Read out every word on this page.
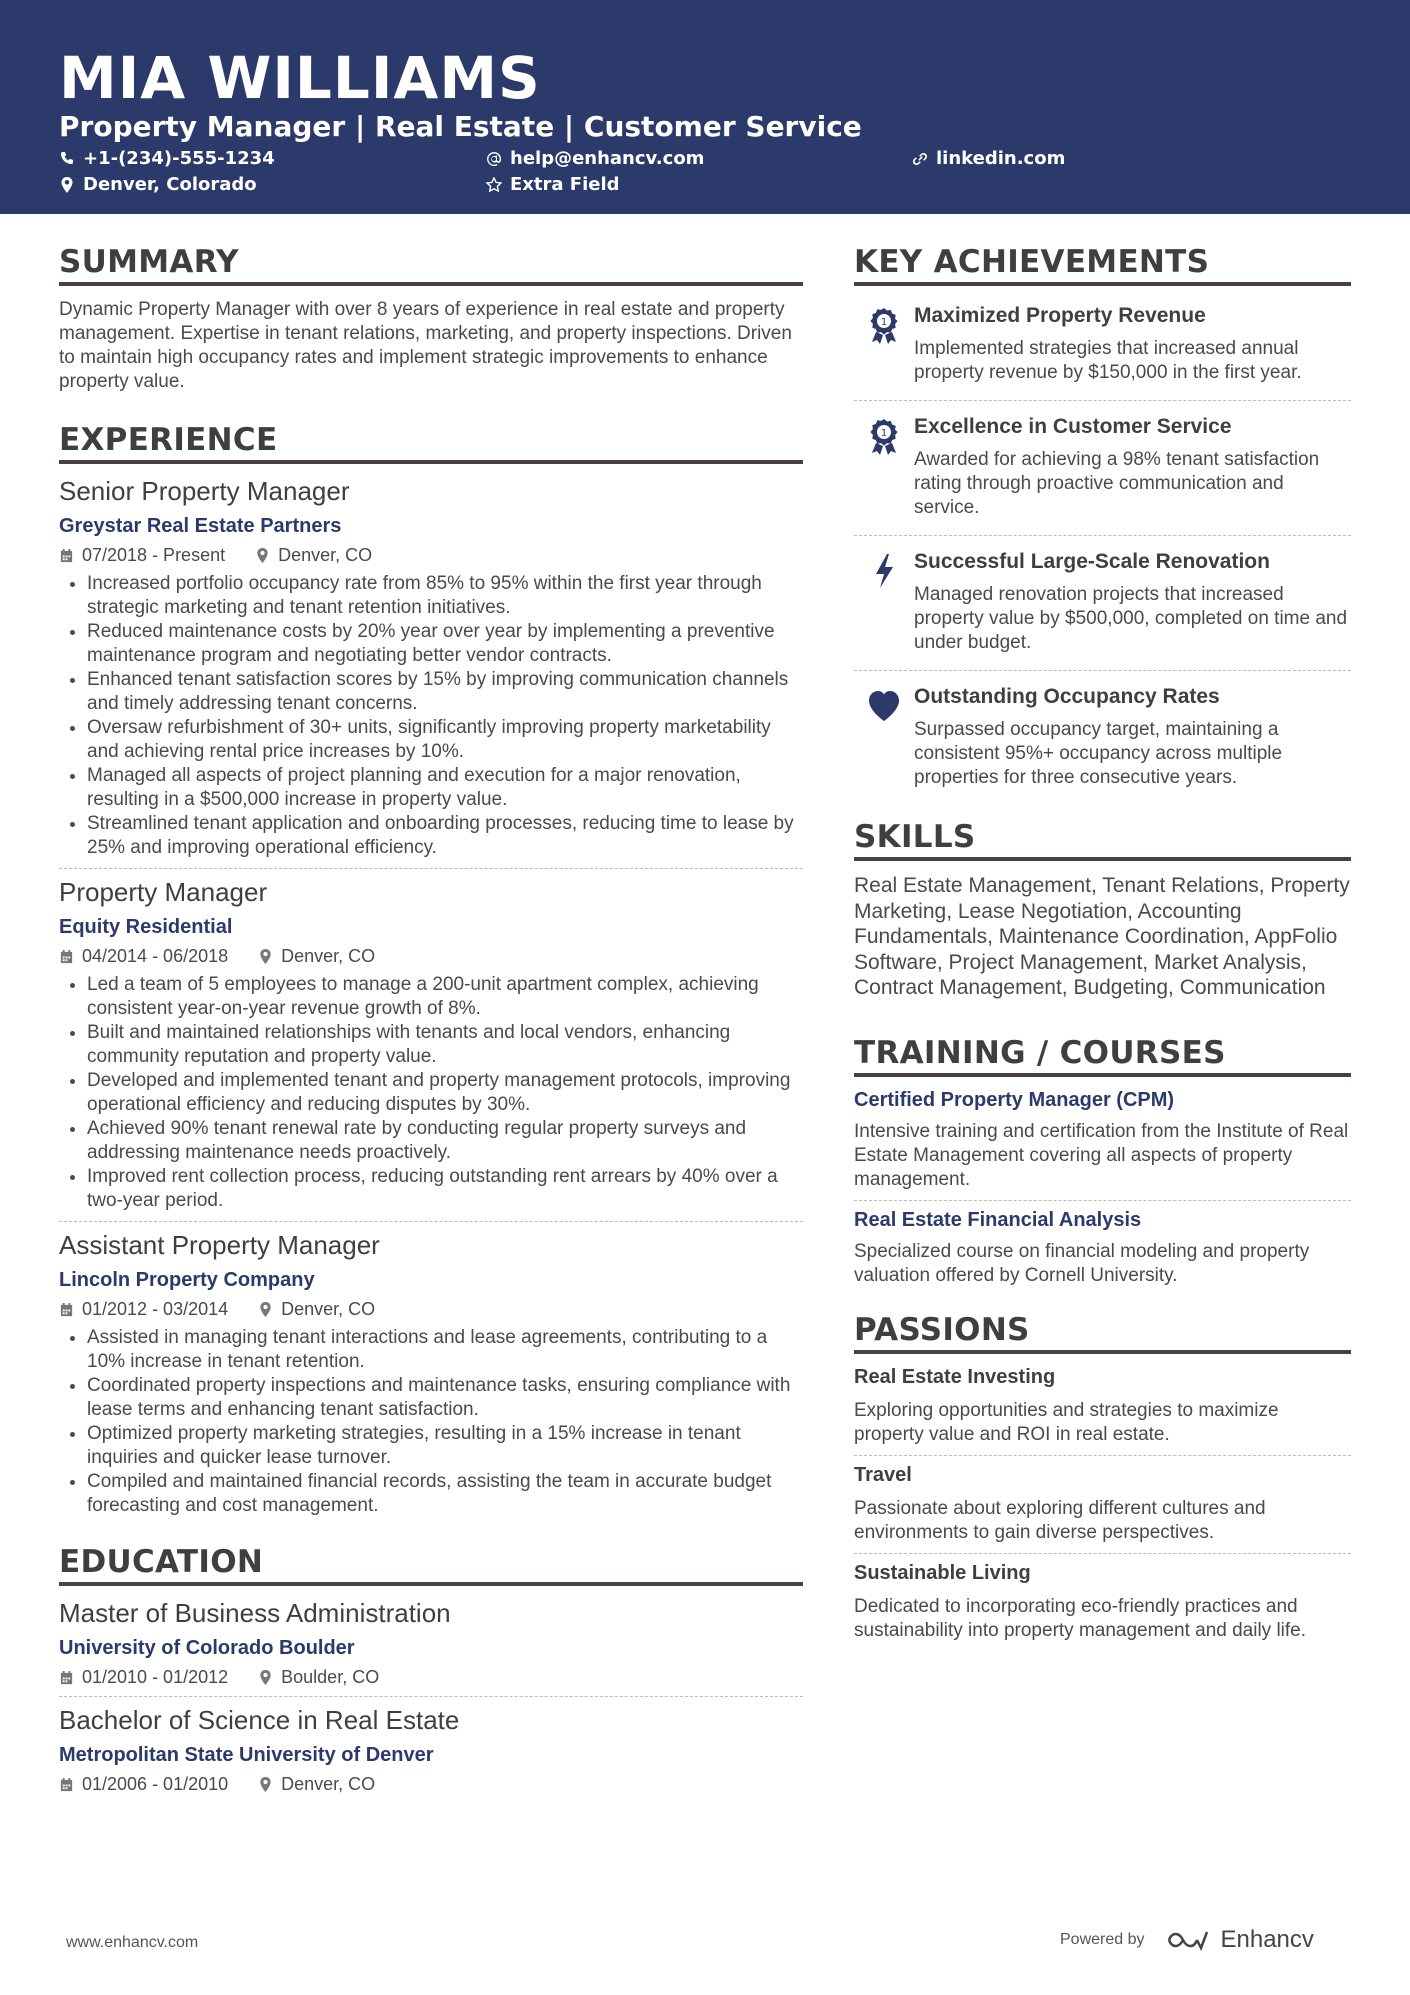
MIA WILLIAMS
Property Manager | Real Estate | Customer Service
+1-(234)-555-1234	help@enhancv.com	linkedin.com
Denver, Colorado	Extra Field
SUMMARY
Dynamic Property Manager with over 8 years of experience in real estate and property management. Expertise in tenant relations, marketing, and property inspections. Driven to maintain high occupancy rates and implement strategic improvements to enhance property value.
EXPERIENCE
Senior Property Manager
Greystar Real Estate Partners
07/2018 - Present	Denver, CO
• Increased portfolio occupancy rate from 85% to 95% within the first year through strategic marketing and tenant retention initiatives.
• Reduced maintenance costs by 20% year over year by implementing a preventive maintenance program and negotiating better vendor contracts.
• Enhanced tenant satisfaction scores by 15% by improving communication channels and timely addressing tenant concerns.
• Oversaw refurbishment of 30+ units, significantly improving property marketability and achieving rental price increases by 10%.
• Managed all aspects of project planning and execution for a major renovation, resulting in a $500,000 increase in property value.
• Streamlined tenant application and onboarding processes, reducing time to lease by 25% and improving operational efficiency.
Property Manager
Equity Residential
04/2014 - 06/2018	Denver, CO
• Led a team of 5 employees to manage a 200-unit apartment complex, achieving consistent year-on-year revenue growth of 8%.
• Built and maintained relationships with tenants and local vendors, enhancing community reputation and property value.
• Developed and implemented tenant and property management protocols, improving operational efficiency and reducing disputes by 30%.
• Achieved 90% tenant renewal rate by conducting regular property surveys and addressing maintenance needs proactively.
• Improved rent collection process, reducing outstanding rent arrears by 40% over a two-year period.
Assistant Property Manager
Lincoln Property Company
01/2012 - 03/2014	Denver, CO
• Assisted in managing tenant interactions and lease agreements, contributing to a 10% increase in tenant retention.
• Coordinated property inspections and maintenance tasks, ensuring compliance with lease terms and enhancing tenant satisfaction.
• Optimized property marketing strategies, resulting in a 15% increase in tenant inquiries and quicker lease turnover.
• Compiled and maintained financial records, assisting the team in accurate budget forecasting and cost management.
EDUCATION
Master of Business Administration
University of Colorado Boulder
01/2010 - 01/2012	Boulder, CO
Bachelor of Science in Real Estate
Metropolitan State University of Denver
01/2006 - 01/2010	Denver, CO
KEY ACHIEVEMENTS
1 Maximized Property Revenue
Implemented strategies that increased annual property revenue by $150,000 in the first year.
1 Excellence in Customer Service
Awarded for achieving a 98% tenant satisfaction rating through proactive communication and service.
Successful Large-Scale Renovation
Managed renovation projects that increased property value by $500,000, completed on time and under budget.
Outstanding Occupancy Rates
Surpassed occupancy target, maintaining a consistent 95%+ occupancy across multiple properties for three consecutive years.
SKILLS
Real Estate Management, Tenant Relations, Property Marketing, Lease Negotiation, Accounting Fundamentals, Maintenance Coordination, AppFolio Software, Project Management, Market Analysis, Contract Management, Budgeting, Communication
TRAINING / COURSES
Certified Property Manager (CPM)
Intensive training and certification from the Institute of Real Estate Management covering all aspects of property management.
Real Estate Financial Analysis
Specialized course on financial modeling and property valuation offered by Cornell University.
PASSIONS
Real Estate Investing
Exploring opportunities and strategies to maximize property value and ROI in real estate.
Travel
Passionate about exploring different cultures and environments to gain diverse perspectives.
Sustainable Living
Dedicated to incorporating eco-friendly practices and sustainability into property management and daily life.
www.enhancv.com	Powered by	Enhancv
